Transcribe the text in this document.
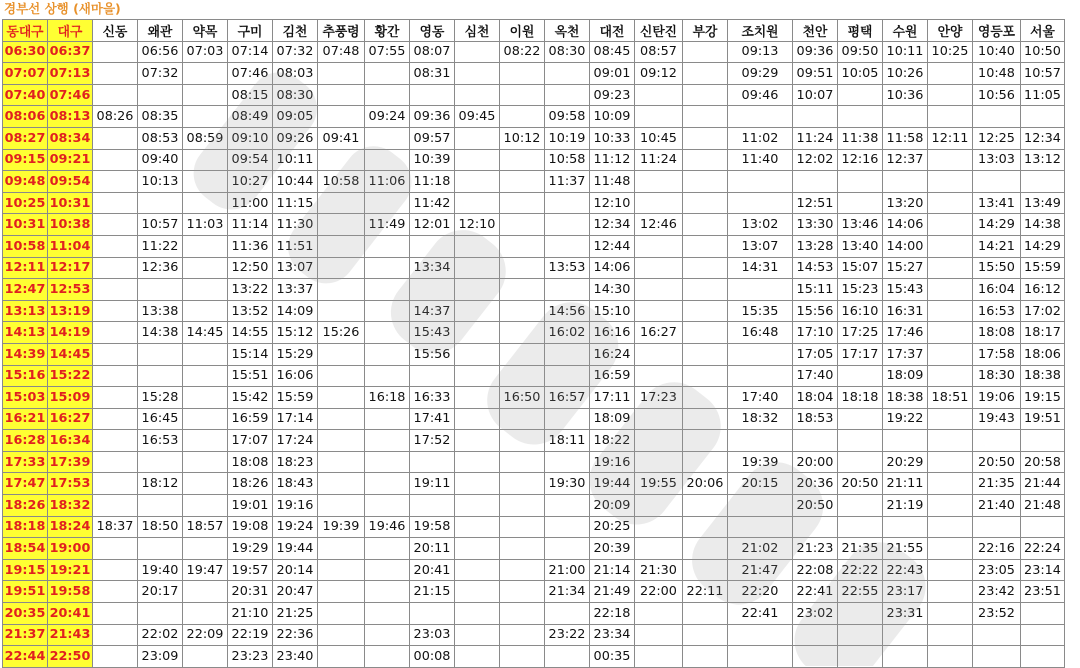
경부선 상행 (새마을)
동대구	대구	신동	왜관	약목	구미	김천	추풍령	황간	영동	심천	이원	옥천	대전	신탄진	부강	조치원	천안	평택	수원	안양	영등포	서울
06:30	06:37		06:56	07:03	07:14	07:32	07:48	07:55	08:07		08:22	08:30	08:45	08:57		09:13	09:36	09:50	10:11	10:25	10:40	10:50
07:07	07:13		07:32		07:46	08:03			08:31				09:01	09:12		09:29	09:51	10:05	10:26		10:48	10:57
07:40	07:46				08:15	08:30							09:23			09:46	10:07		10:36		10:56	11:05
08:06	08:13	08:26	08:35		08:49	09:05		09:24	09:36	09:45		09:58	10:09									
08:27	08:34		08:53	08:59	09:10	09:26	09:41		09:57		10:12	10:19	10:33	10:45		11:02	11:24	11:38	11:58	12:11	12:25	12:34
09:15	09:21		09:40		09:54	10:11			10:39			10:58	11:12	11:24		11:40	12:02	12:16	12:37		13:03	13:12
09:48	09:54		10:13		10:27	10:44	10:58	11:06	11:18			11:37	11:48									
10:25	10:31				11:00	11:15			11:42				12:10				12:51		13:20		13:41	13:49
10:31	10:38		10:57	11:03	11:14	11:30		11:49	12:01	12:10			12:34	12:46		13:02	13:30	13:46	14:06		14:29	14:38
10:58	11:04		11:22		11:36	11:51							12:44			13:07	13:28	13:40	14:00		14:21	14:29
12:11	12:17		12:36		12:50	13:07			13:34			13:53	14:06			14:31	14:53	15:07	15:27		15:50	15:59
12:47	12:53				13:22	13:37							14:30				15:11	15:23	15:43		16:04	16:12
13:13	13:19		13:38		13:52	14:09			14:37			14:56	15:10			15:35	15:56	16:10	16:31		16:53	17:02
14:13	14:19		14:38	14:45	14:55	15:12	15:26		15:43			16:02	16:16	16:27		16:48	17:10	17:25	17:46		18:08	18:17
14:39	14:45				15:14	15:29			15:56				16:24				17:05	17:17	17:37		17:58	18:06
15:16	15:22				15:51	16:06							16:59				17:40		18:09		18:30	18:38
15:03	15:09		15:28		15:42	15:59		16:18	16:33		16:50	16:57	17:11	17:23		17:40	18:04	18:18	18:38	18:51	19:06	19:15
16:21	16:27		16:45		16:59	17:14			17:41				18:09			18:32	18:53		19:22		19:43	19:51
16:28	16:34		16:53		17:07	17:24			17:52			18:11	18:22									
17:33	17:39				18:08	18:23							19:16			19:39	20:00		20:29		20:50	20:58
17:47	17:53		18:12		18:26	18:43			19:11			19:30	19:44	19:55	20:06	20:15	20:36	20:50	21:11		21:35	21:44
18:26	18:32				19:01	19:16							20:09				20:50		21:19		21:40	21:48
18:18	18:24	18:37	18:50	18:57	19:08	19:24	19:39	19:46	19:58				20:25									
18:54	19:00				19:29	19:44			20:11				20:39			21:02	21:23	21:35	21:55		22:16	22:24
19:15	19:21		19:40	19:47	19:57	20:14			20:41			21:00	21:14	21:30		21:47	22:08	22:22	22:43		23:05	23:14
19:51	19:58		20:17		20:31	20:47			21:15			21:34	21:49	22:00	22:11	22:20	22:41	22:55	23:17		23:42	23:51
20:35	20:41				21:10	21:25							22:18			22:41	23:02		23:31		23:52	
21:37	21:43		22:02	22:09	22:19	22:36			23:03			23:22	23:34									
22:44	22:50		23:09		23:23	23:40			00:08				00:35									
